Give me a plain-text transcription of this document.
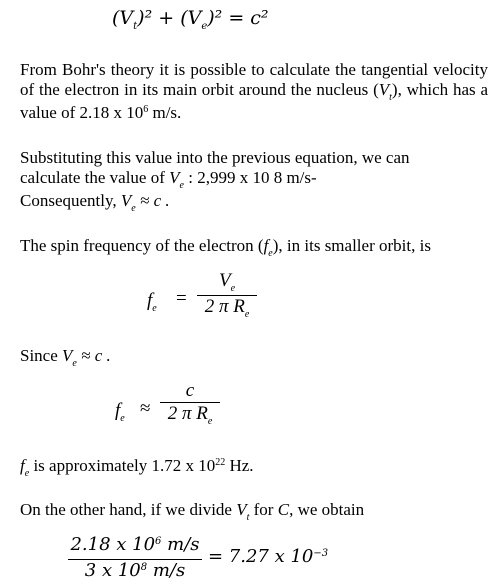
$(V_t)^2 + (V_e)^2 = c^2$
From Bohr's theory it is possible to calculate the tangential velocity of the electron in its main orbit around the nucleus $(V_t)$, which has a value of 2.18 x $10^6$ m/s.
Substituting this value into the previous equation, we can
calculate the value of $V_e$ : 2,999 x 10 8 m/s-
Consequently, $V_e \approx c$ .
The spin frequency of the electron $(f_e)$, in its smaller orbit, is
$f_e$ =
$V_e$
2 π $R_e$
Since $V_e \approx c$ .
$f_e$ ≈
c
2 π $R_e$
$f_e$ is approximately 1.72 x $10^{22}$ Hz.
On the other hand, if we divide $V_t$ for C, we obtain
2.18 x $10^6$ m/s
3 x $10^8$ m/s
= 7.27 x $10^{-3}$
